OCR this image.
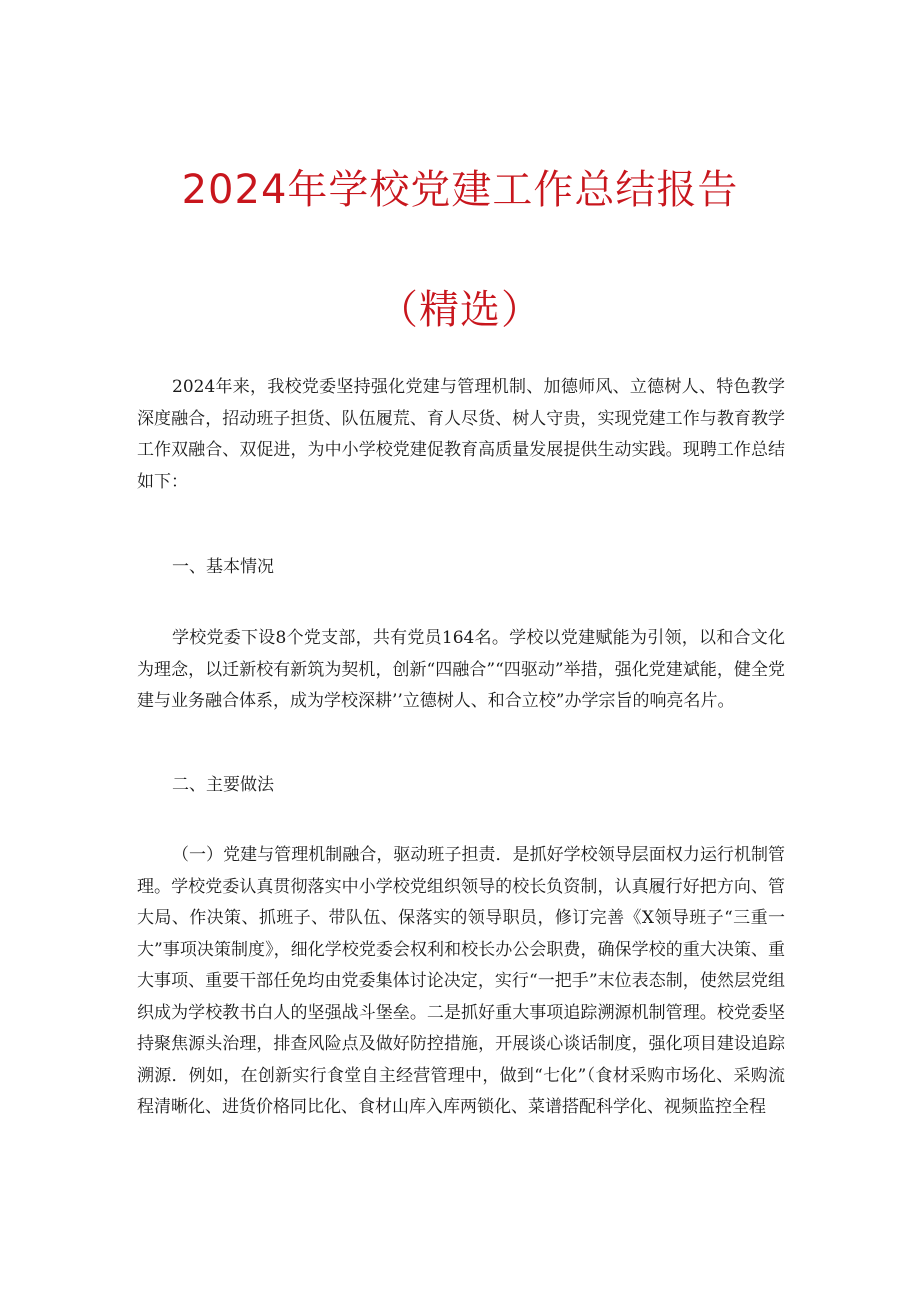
2024年学校党建工作总结报告
（精选）

2024年来，我校党委坚持强化党建与管理机制、加德师风、立德树人、特色教学深度融合，招动班子担货、队伍履荒、育人尽货、树人守贵，实现党建工作与教育教学工作双融合、双促进，为中小学校党建促教育高质量发展提供生动实践。现聘工作总结如下：

一、基本情况

学校党委下设8个党支部，共有党员164名。学校以党建赋能为引领，以和合文化为理念，以迁新校有新筑为契机，创新“四融合”“四驱动”举措，强化党建斌能，健全党建与业务融合体系，成为学校深耕’’立德树人、和合立校”办学宗旨的响亮名片。

二、主要做法

（一）党建与管理机制融合，驱动班子担责．是抓好学校领导层面权力运行机制管理。学校党委认真贯彻落实中小学校党组织领导的校长负资制，认真履行好把方向、管大局、作决策、抓班子、带队伍、保落实的领导职员，修订完善《X领导班子“三重一大”事项决策制度》，细化学校党委会权利和校长办公会职费，确保学校的重大决策、重大事项、重要干部任免均由党委集体讨论决定，实行“一把手”末位表态制，使然层党组织成为学校教书白人的坚强战斗堡垒。二是抓好重大事项追踪溯源机制管理。校党委坚持聚焦源头治理，排查风险点及做好防控措施，开展谈心谈话制度，强化项目建设追踪溯源．例如，在创新实行食堂自主经营管理中，做到“七化”（食材采购市场化、采购流程清晰化、进货价格同比化、食材山库入库两锁化、菜谱搭配科学化、视频监控全程
